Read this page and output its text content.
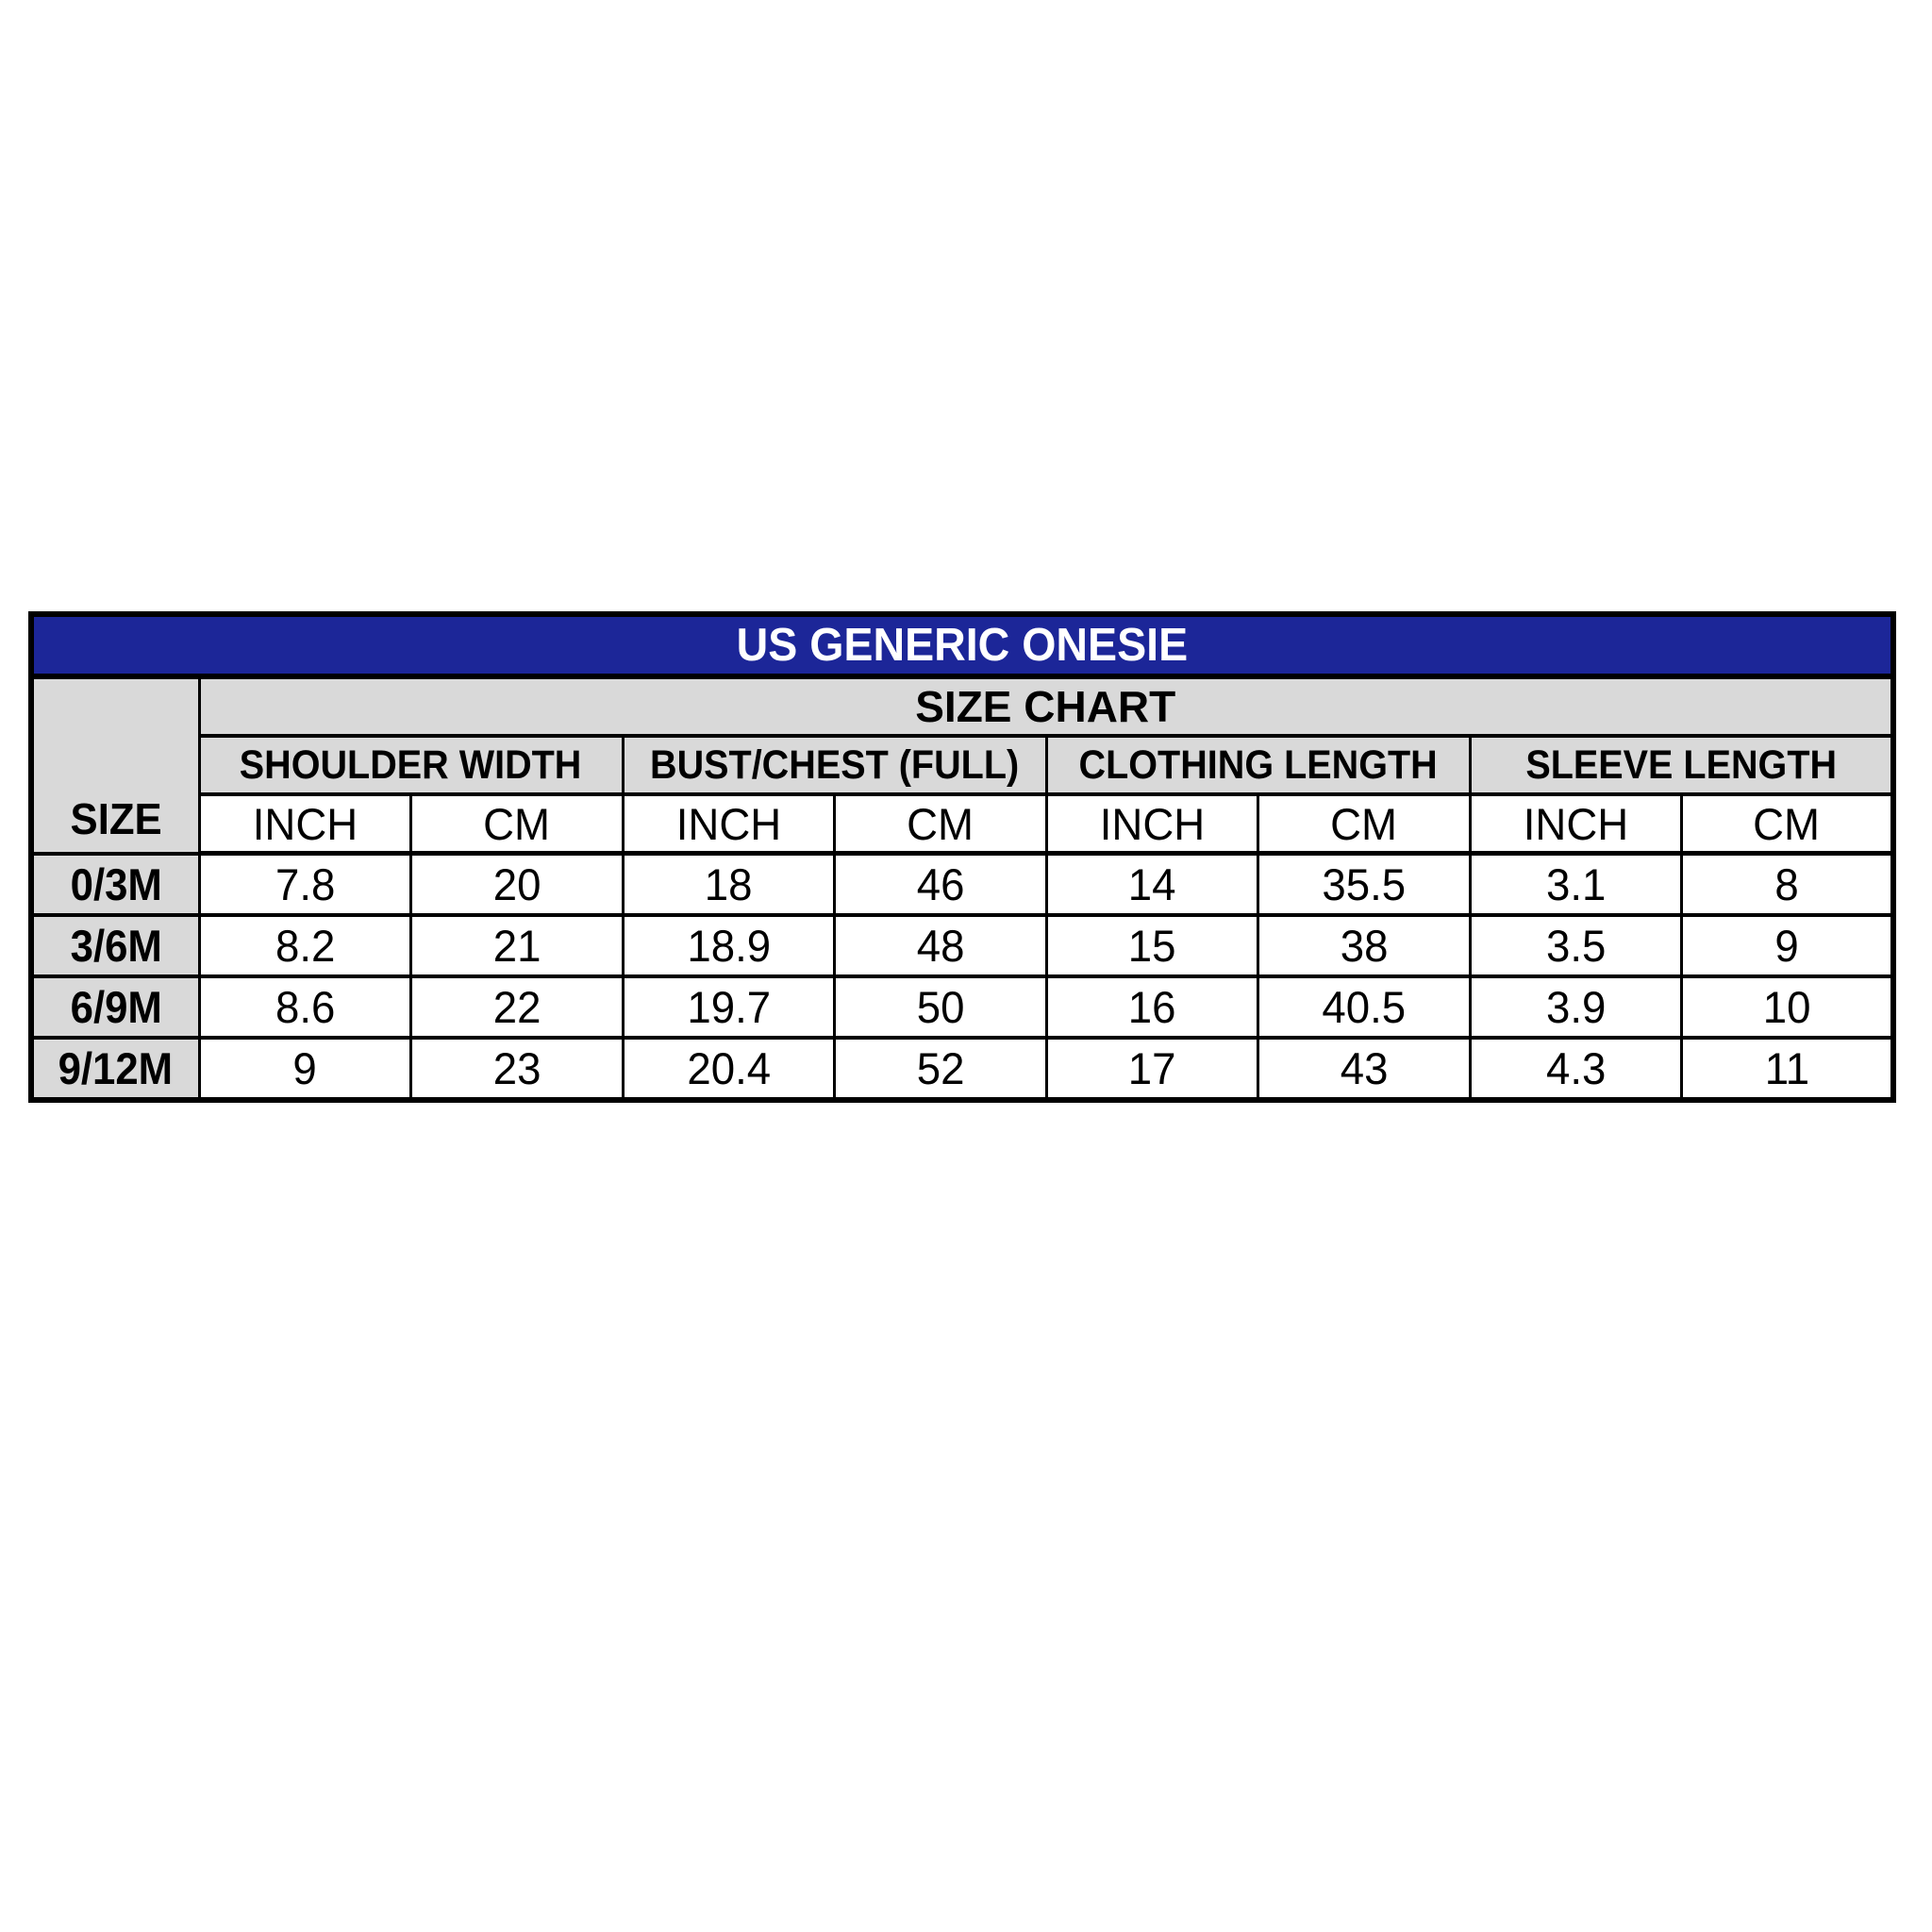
US GENERIC ONESIE								
SIZE	SIZE CHART							
	SHOULDER WIDTH		BUST/CHEST (FULL)		CLOTHING LENGTH		SLEEVE LENGTH	
	INCH	CM	INCH	CM	INCH	CM	INCH	CM
0/3M	7.8	20	18	46	14	35.5	3.1	8
3/6M	8.2	21	18.9	48	15	38	3.5	9
6/9M	8.6	22	19.7	50	16	40.5	3.9	10
9/12M	9	23	20.4	52	17	43	4.3	11
